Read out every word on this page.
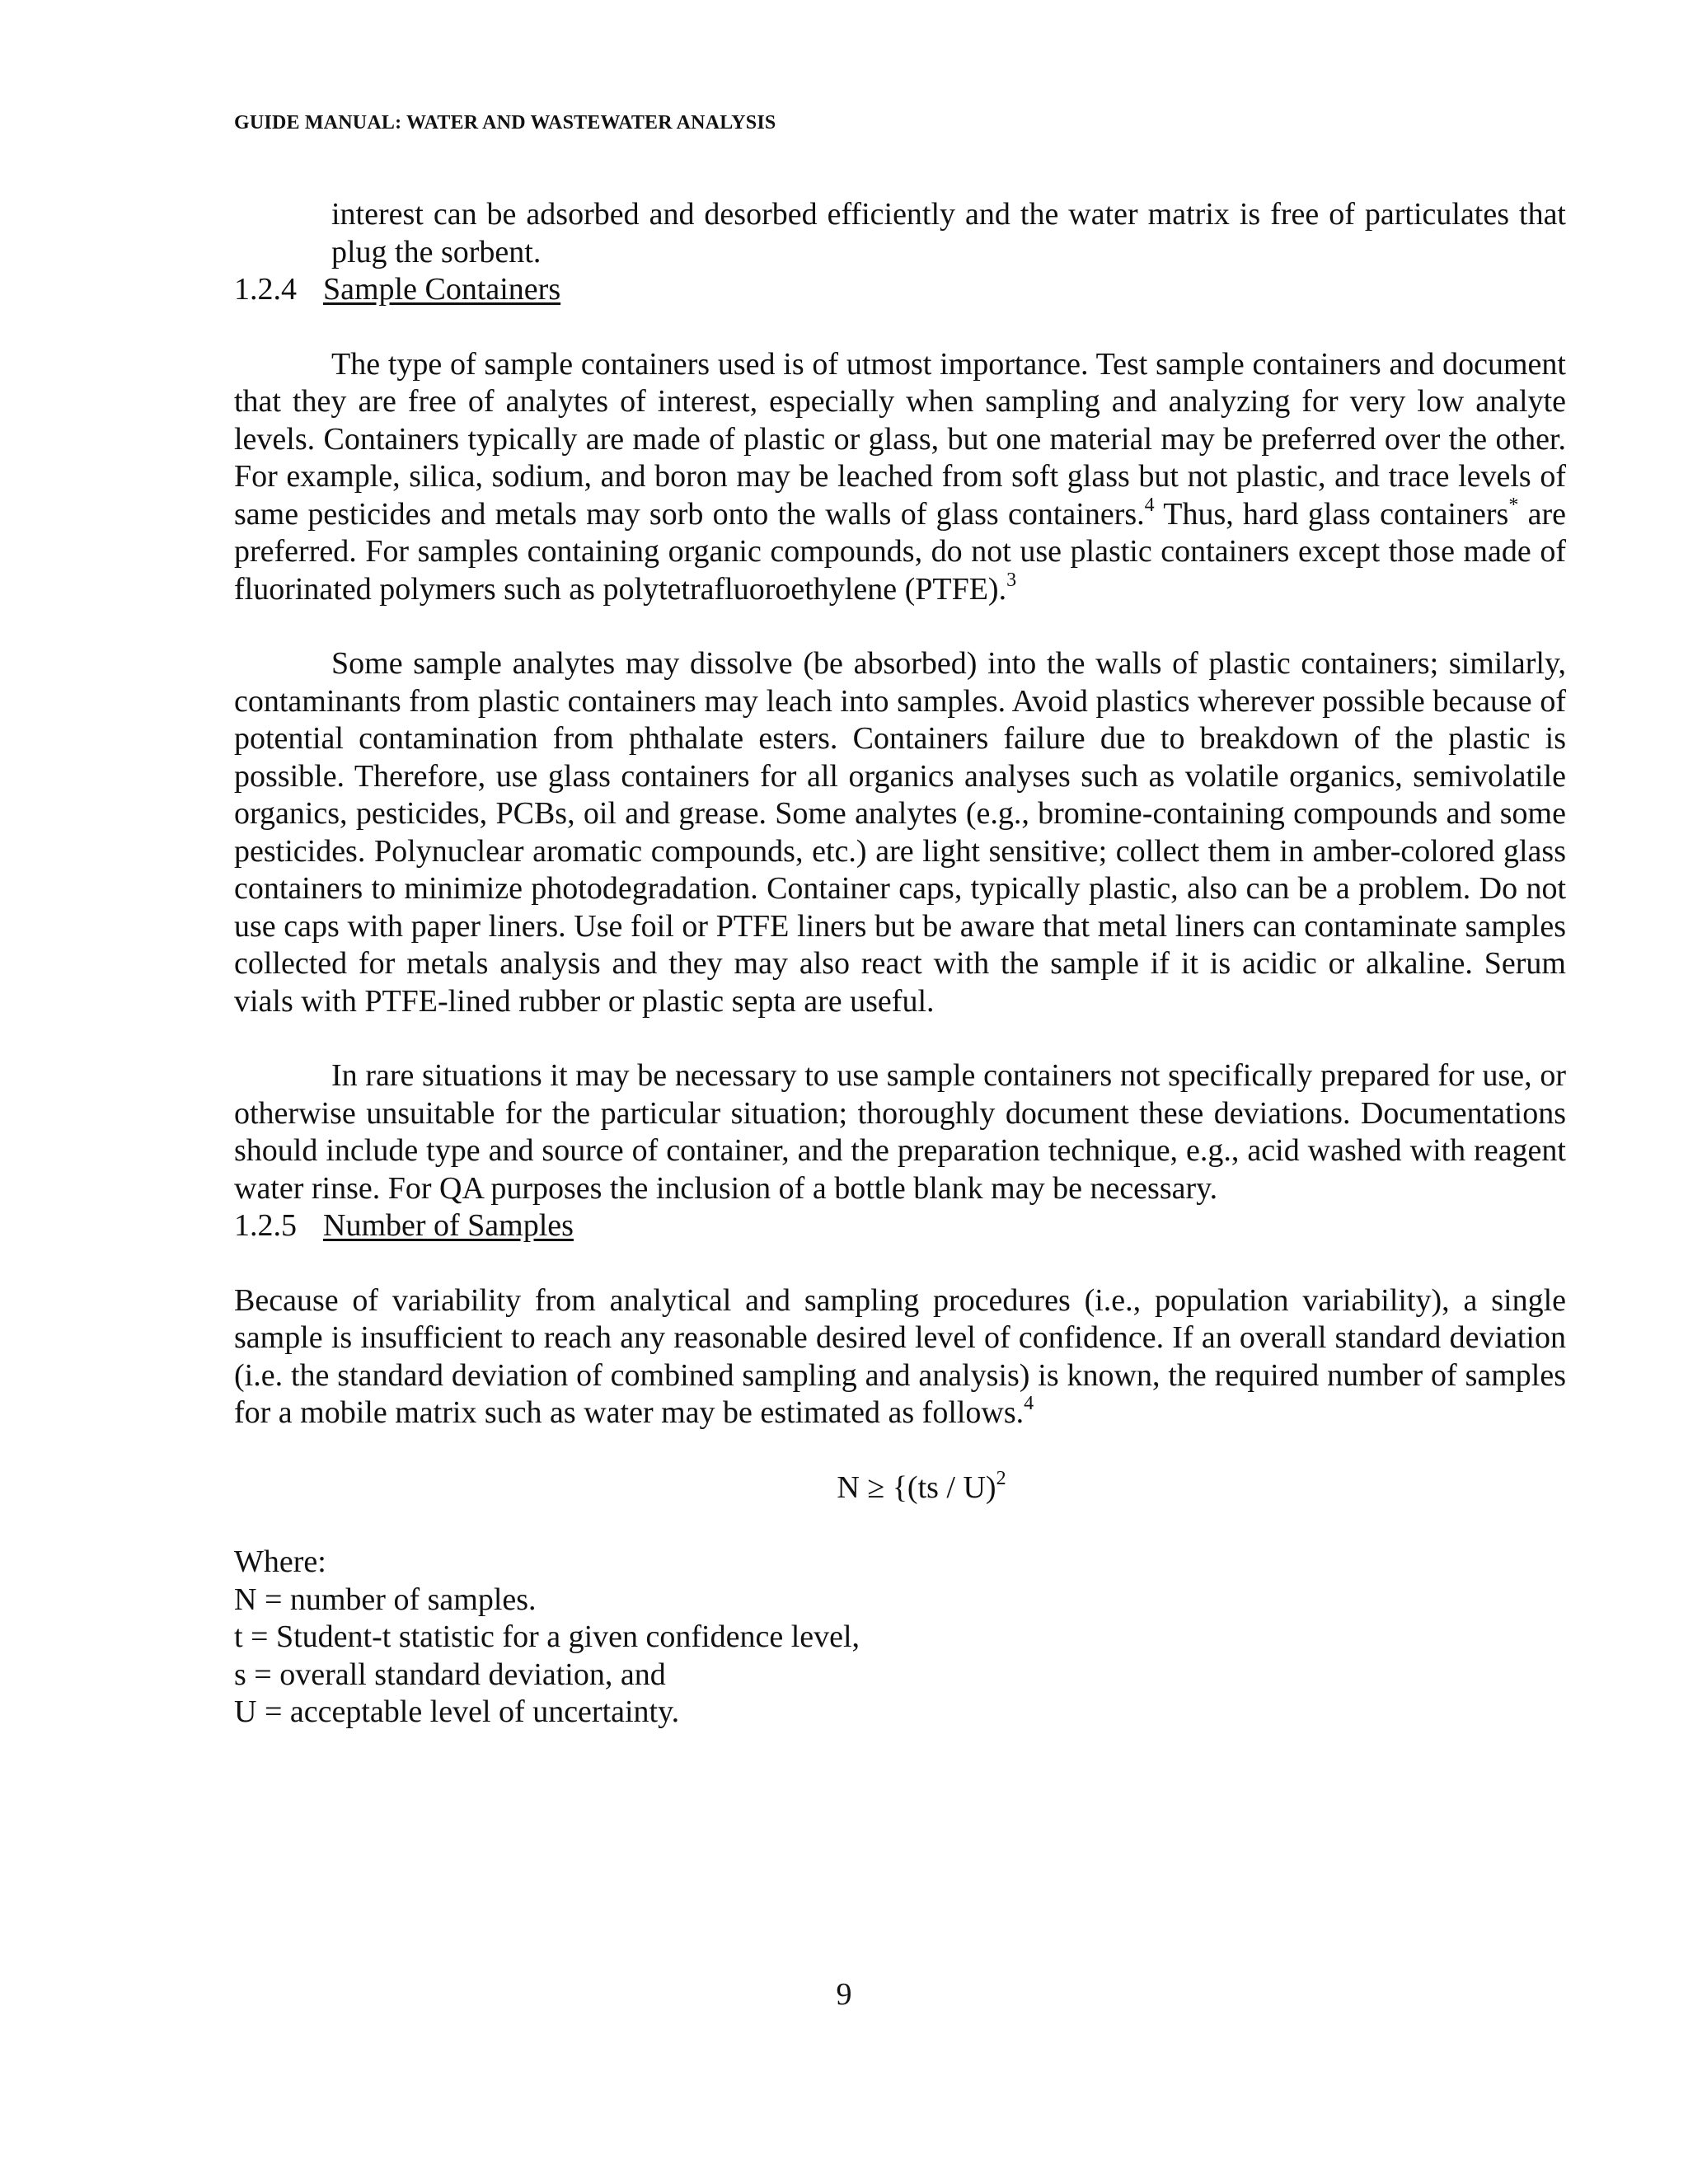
GUIDE MANUAL: WATER AND WASTEWATER ANALYSIS

interest can be adsorbed and desorbed efficiently and the water matrix is free of particulates that plug the sorbent.

1.2.4 Sample Containers

The type of sample containers used is of utmost importance. Test sample containers and document that they are free of analytes of interest, especially when sampling and analyzing for very low analyte levels. Containers typically are made of plastic or glass, but one material may be preferred over the other. For example, silica, sodium, and boron may be leached from soft glass but not plastic, and trace levels of same pesticides and metals may sorb onto the walls of glass containers.$^4$ Thus, hard glass containers* are preferred. For samples containing organic compounds, do not use plastic containers except those made of fluorinated polymers such as polytetrafluoroethylene (PTFE).$^3$

Some sample analytes may dissolve (be absorbed) into the walls of plastic containers; similarly, contaminants from plastic containers may leach into samples. Avoid plastics wherever possible because of potential contamination from phthalate esters. Containers failure due to breakdown of the plastic is possible. Therefore, use glass containers for all organics analyses such as volatile organics, semivolatile organics, pesticides, PCBs, oil and grease. Some analytes (e.g., bromine-containing compounds and some pesticides. Polynuclear aromatic compounds, etc.) are light sensitive; collect them in amber-colored glass containers to minimize photodegradation. Container caps, typically plastic, also can be a problem. Do not use caps with paper liners. Use foil or PTFE liners but be aware that metal liners can contaminate samples collected for metals analysis and they may also react with the sample if it is acidic or alkaline. Serum vials with PTFE-lined rubber or plastic septa are useful.

In rare situations it may be necessary to use sample containers not specifically prepared for use, or otherwise unsuitable for the particular situation; thoroughly document these deviations. Documentations should include type and source of container, and the preparation technique, e.g., acid washed with reagent water rinse. For QA purposes the inclusion of a bottle blank may be necessary.

1.2.5 Number of Samples

Because of variability from analytical and sampling procedures (i.e., population variability), a single sample is insufficient to reach any reasonable desired level of confidence. If an overall standard deviation (i.e. the standard deviation of combined sampling and analysis) is known, the required number of samples for a mobile matrix such as water may be estimated as follows.$^4$

N ≥ {(ts / U)$^2$
Where:
N = number of samples.
t = Student-t statistic for a given confidence level,
s = overall standard deviation, and
U = acceptable level of uncertainty.
9
